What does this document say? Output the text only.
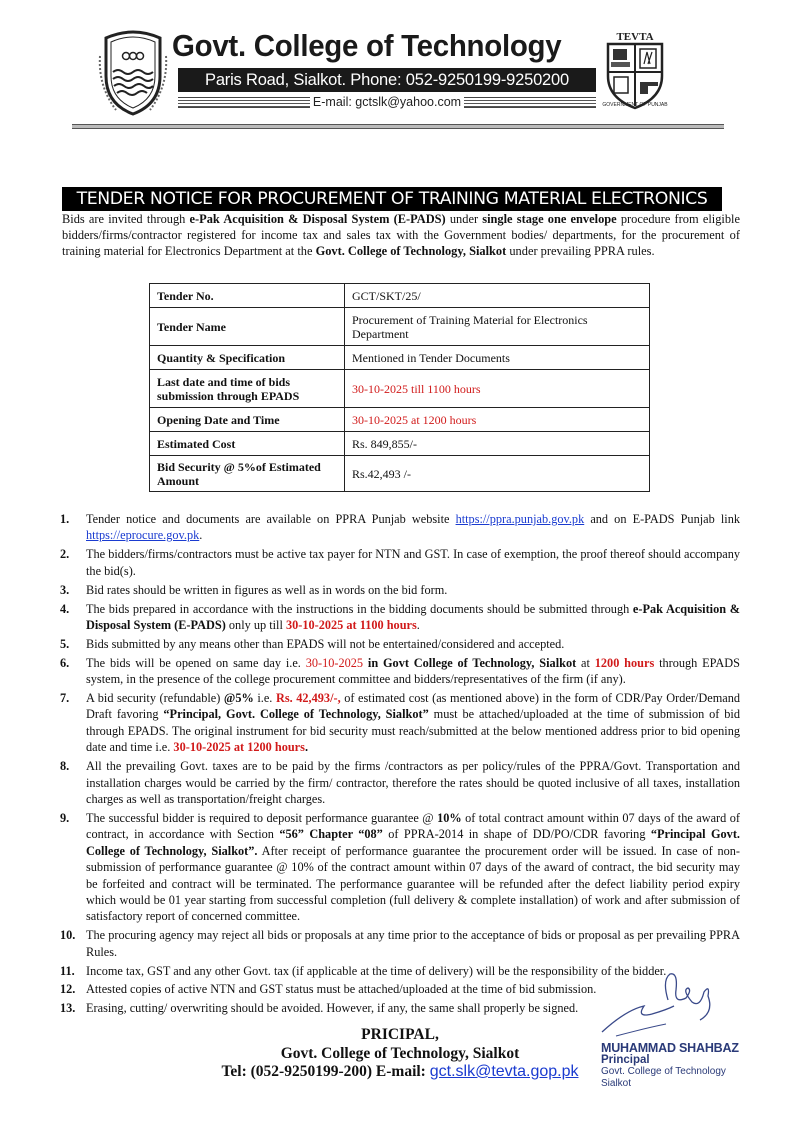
Govt. College of Technology
Paris Road, Sialkot. Phone: 052-9250199-9250200
E-mail: gctslk@yahoo.com
TEVTA
GOVERNMENT OF PUNJAB
TENDER NOTICE FOR PROCUREMENT OF TRAINING MATERIAL ELECTRONICS
Bids are invited through e-Pak Acquisition & Disposal System (E-PADS) under single stage one envelope procedure from eligible bidders/firms/contractor registered for income tax and sales tax with the Government bodies/ departments, for the procurement of training material for Electronics Department at the Govt. College of Technology, Sialkot under prevailing PPRA rules.
Tender No.	GCT/SKT/25/
Tender Name	Procurement of Training Material for Electronics Department
Quantity & Specification	Mentioned in Tender Documents
Last date and time of bids submission through EPADS	30-10-2025 till 1100 hours
Opening Date and Time	30-10-2025 at 1200 hours
Estimated Cost	Rs. 849,855/-
Bid Security @ 5%of Estimated Amount	Rs.42,493 /-
1.	Tender notice and documents are available on PPRA Punjab website https://ppra.punjab.gov.pk and on E-PADS Punjab link https://eprocure.gov.pk.
2.	The bidders/firms/contractors must be active tax payer for NTN and GST. In case of exemption, the proof thereof should accompany the bid(s).
3.	Bid rates should be written in figures as well as in words on the bid form.
4.	The bids prepared in accordance with the instructions in the bidding documents should be submitted through e-Pak Acquisition & Disposal System (E-PADS) only up till 30-10-2025 at 1100 hours.
5.	Bids submitted by any means other than EPADS will not be entertained/considered and accepted.
6.	The bids will be opened on same day i.e. 30-10-2025 in Govt College of Technology, Sialkot at 1200 hours through EPADS system, in the presence of the college procurement committee and bidders/representatives of the firm (if any).
7.	A bid security (refundable) @5% i.e. Rs. 42,493/-, of estimated cost (as mentioned above) in the form of CDR/Pay Order/Demand Draft favoring “Principal, Govt. College of Technology, Sialkot” must be attached/uploaded at the time of submission of bid through EPADS. The original instrument for bid security must reach/submitted at the below mentioned address prior to bid opening date and time i.e. 30-10-2025 at 1200 hours.
8.	All the prevailing Govt. taxes are to be paid by the firms /contractors as per policy/rules of the PPRA/Govt. Transportation and installation charges would be carried by the firm/ contractor, therefore the rates should be quoted inclusive of all taxes, installation charges as well as transportation/freight charges.
9.	The successful bidder is required to deposit performance guarantee @ 10% of total contract amount within 07 days of the award of contract, in accordance with Section “56” Chapter “08” of PPRA-2014 in shape of DD/PO/CDR favoring “Principal Govt. College of Technology, Sialkot”. After receipt of performance guarantee the procurement order will be issued. In case of non-submission of performance guarantee @ 10% of the contract amount within 07 days of the award of contract, the bid security may be forfeited and contract will be terminated. The performance guarantee will be refunded after the defect liability period expiry which would be 01 year starting from successful completion (full delivery & complete installation) of work and after submission of satisfactory report of concerned committee.
10. The procuring agency may reject all bids or proposals at any time prior to the acceptance of bids or proposal as per prevailing PPRA Rules.
11. Income tax, GST and any other Govt. tax (if applicable at the time of delivery) will be the responsibility of the bidder.
12. Attested copies of active NTN and GST status must be attached/uploaded at the time of bid submission.
13. Erasing, cutting/ overwriting should be avoided. However, if any, the same shall properly be signed.
PRICIPAL,
Govt. College of Technology, Sialkot
Tel: (052-9250199-200) E-mail: gct.slk@tevta.gop.pk
MUHAMMAD SHAHBAZ
Principal
Govt. College of Technology
Sialkot
